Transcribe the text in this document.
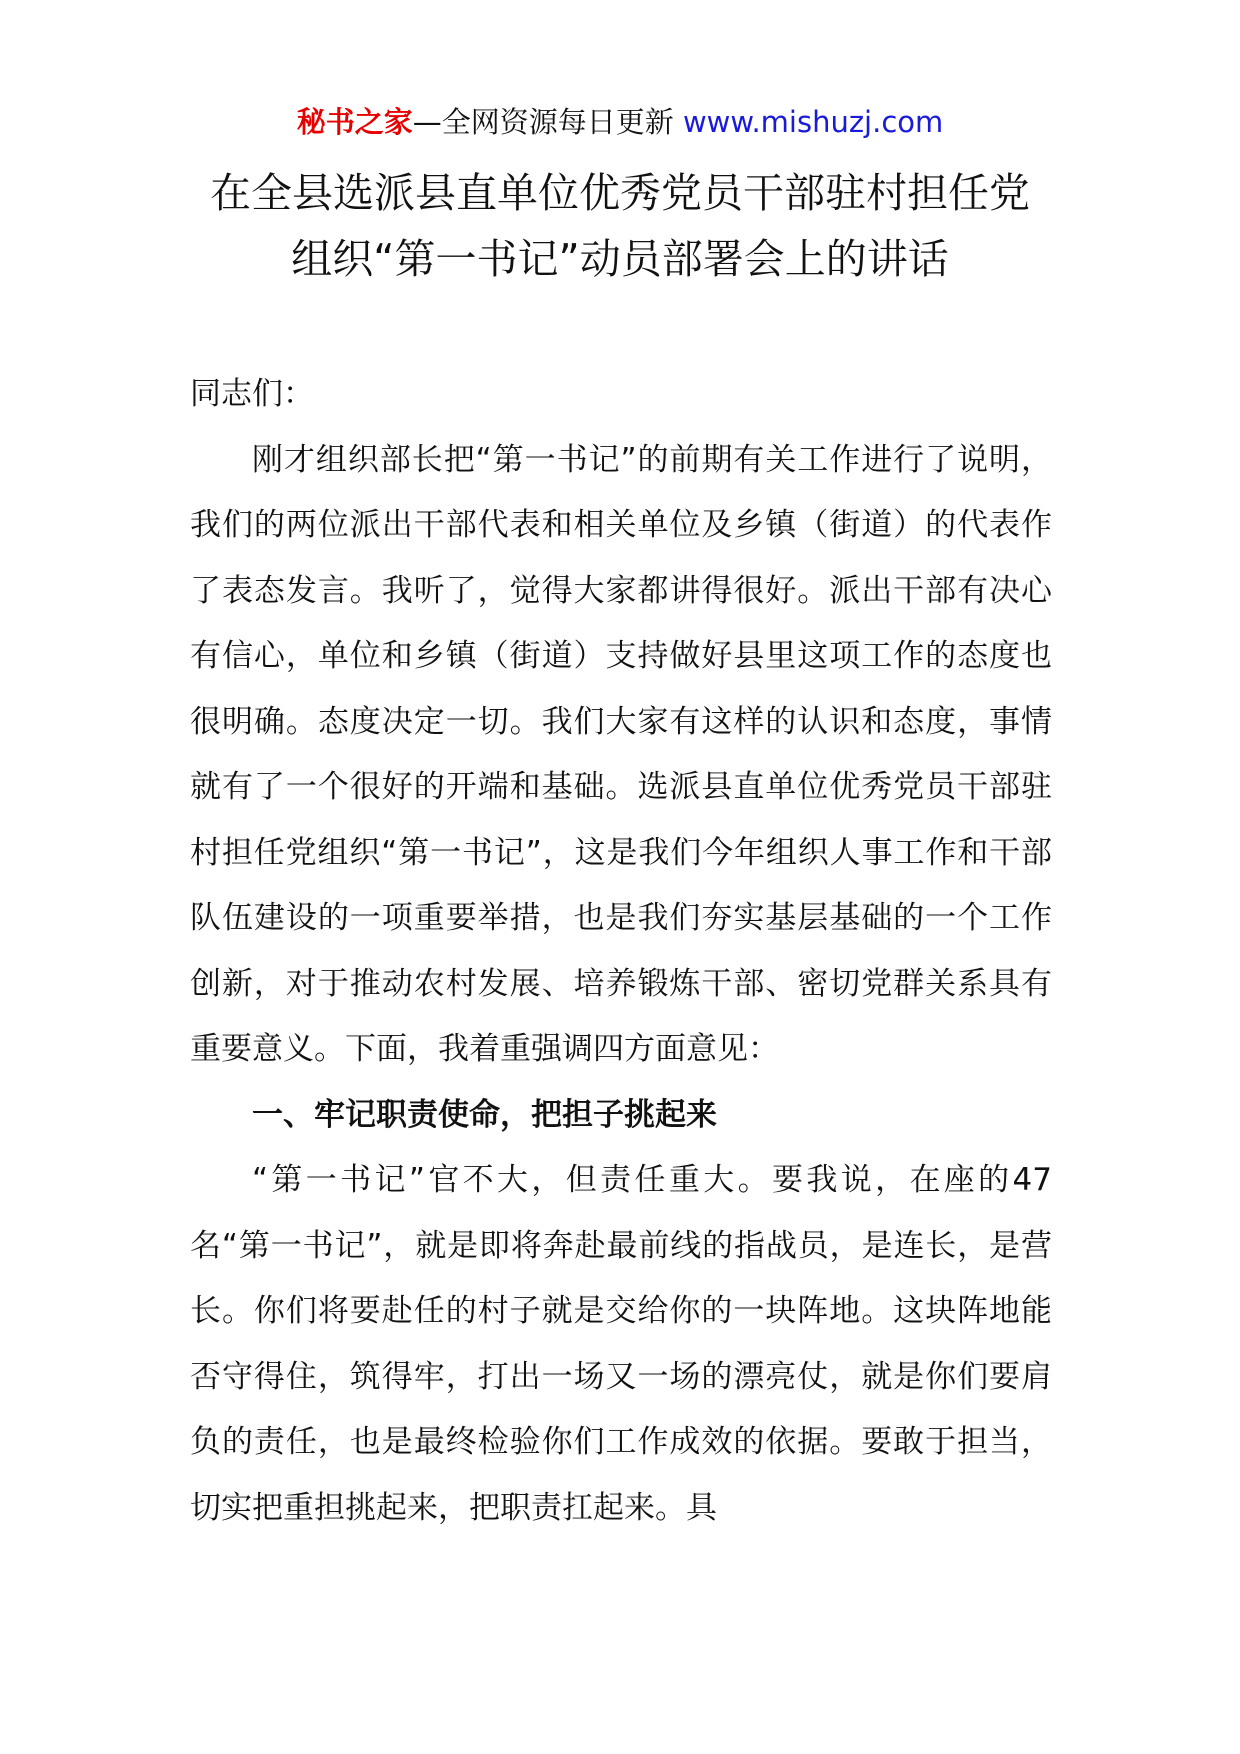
秘书之家—全网资源每日更新 www.mishuzj.com
在全县选派县直单位优秀党员干部驻村担任党组织“第一书记”动员部署会上的讲话

同志们：

刚才组织部长把“第一书记”的前期有关工作进行了说明，我们的两位派出干部代表和相关单位及乡镇（街道）的代表作了表态发言。我听了，觉得大家都讲得很好。派出干部有决心有信心，单位和乡镇（街道）支持做好县里这项工作的态度也很明确。态度决定一切。我们大家有这样的认识和态度，事情就有了一个很好的开端和基础。选派县直单位优秀党员干部驻村担任党组织“第一书记”，这是我们今年组织人事工作和干部队伍建设的一项重要举措，也是我们夯实基层基础的一个工作创新，对于推动农村发展、培养锻炼干部、密切党群关系具有重要意义。下面，我着重强调四方面意见：

一、牢记职责使命，把担子挑起来

“第一书记”官不大，但责任重大。要我说，在座的47名“第一书记”，就是即将奔赴最前线的指战员，是连长，是营长。你们将要赴任的村子就是交给你的一块阵地。这块阵地能否守得住，筑得牢，打出一场又一场的漂亮仗，就是你们要肩负的责任，也是最终检验你们工作成效的依据。要敢于担当，切实把重担挑起来，把职责扛起来。具
